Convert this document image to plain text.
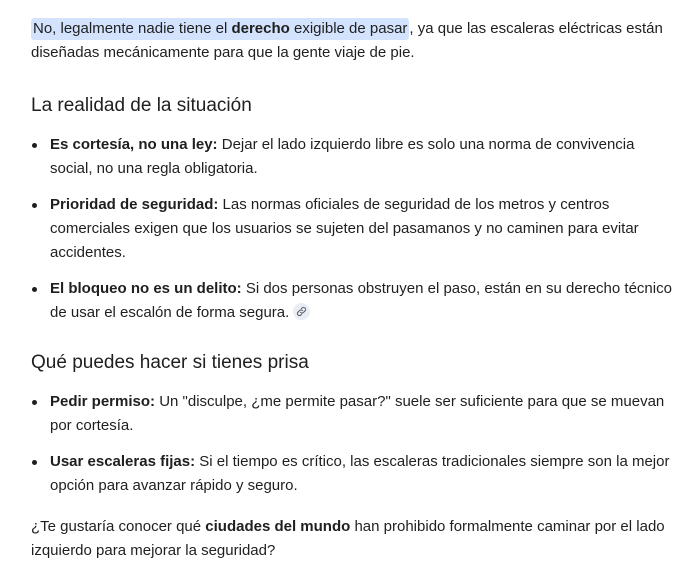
No, legalmente nadie tiene el derecho exigible de pasar , ya que las escaleras eléctricas están diseñadas mecánicamente para que la gente viaje de pie.

La realidad de la situación
Es cortesía, no una ley: Dejar el lado izquierdo libre es solo una norma de convivencia social, no una regla obligatoria.
Prioridad de seguridad: Las normas oficiales de seguridad de los metros y centros comerciales exigen que los usuarios se sujeten del pasamanos y no caminen para evitar accidentes.
El bloqueo no es un delito: Si dos personas obstruyen el paso, están en su derecho técnico de usar el escalón de forma segura.
Qué puedes hacer si tienes prisa
Pedir permiso: Un "disculpe, ¿me permite pasar?" suele ser suficiente para que se muevan por cortesía.
Usar escaleras fijas: Si el tiempo es crítico, las escaleras tradicionales siempre son la mejor opción para avanzar rápido y seguro.

¿Te gustaría conocer qué ciudades del mundo han prohibido formalmente caminar por el lado izquierdo para mejorar la seguridad?
